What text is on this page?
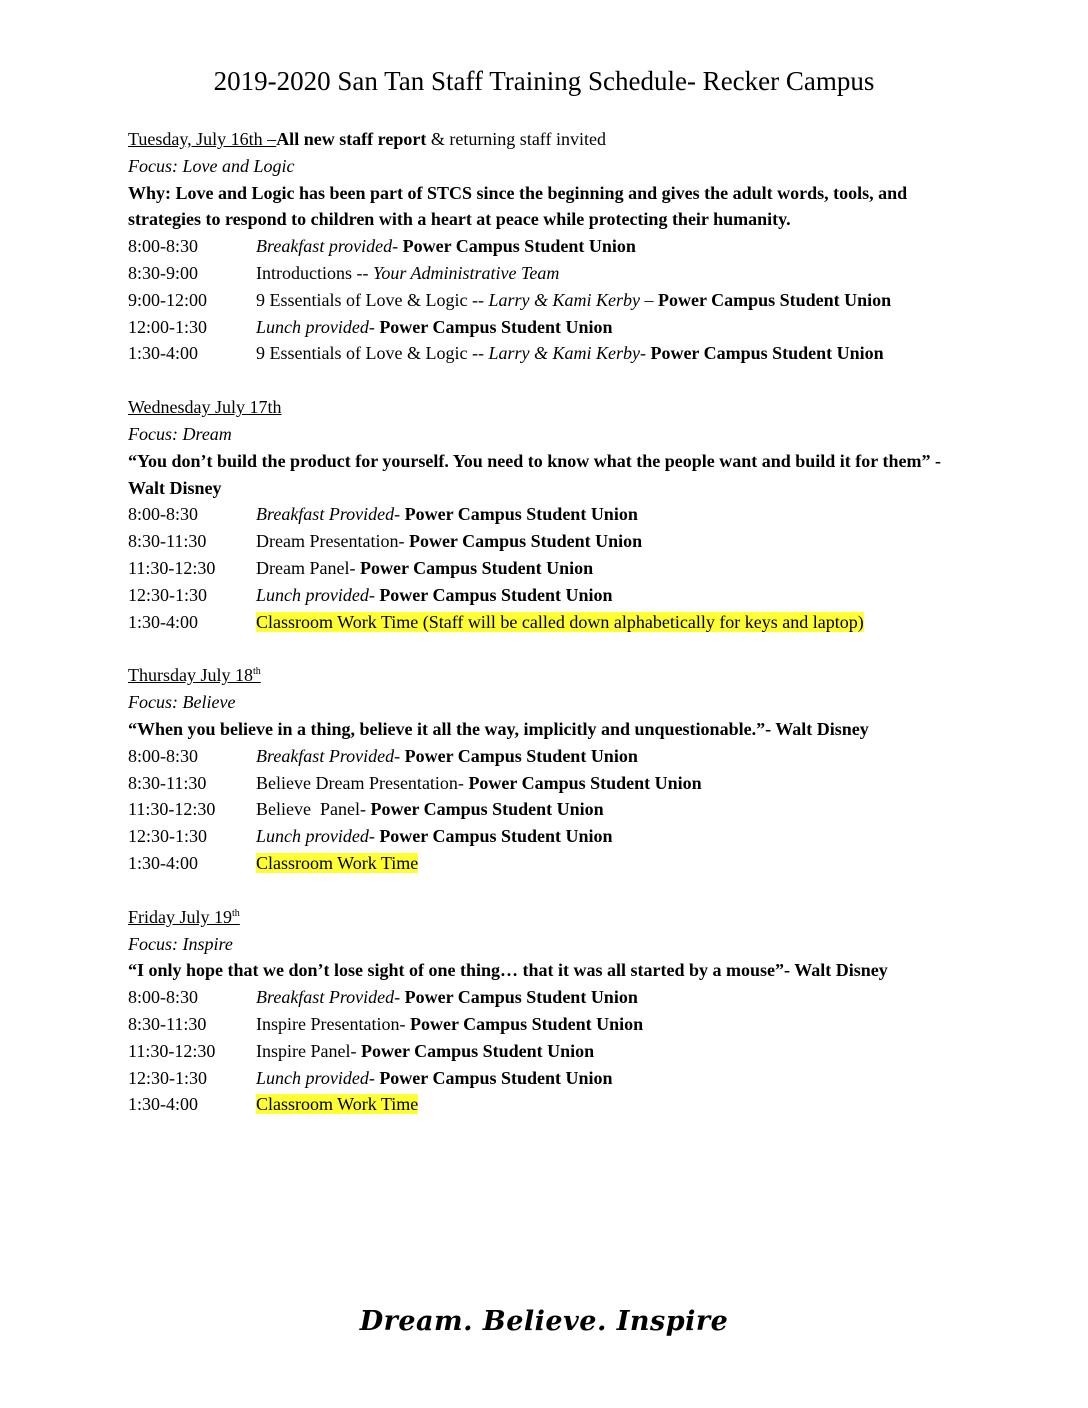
2019-2020 San Tan Staff Training Schedule- Recker Campus
Tuesday, July 16th –All new staff report & returning staff invited
Focus: Love and Logic
Why: Love and Logic has been part of STCS since the beginning and gives the adult words, tools, and strategies to respond to children with a heart at peace while protecting their humanity.
8:00-8:30	Breakfast provided- Power Campus Student Union
8:30-9:00	Introductions -- Your Administrative Team
9:00-12:00	9 Essentials of Love & Logic -- Larry & Kami Kerby – Power Campus Student Union
12:00-1:30	Lunch provided- Power Campus Student Union
1:30-4:00	9 Essentials of Love & Logic -- Larry & Kami Kerby- Power Campus Student Union
Wednesday July 17th
Focus: Dream
“You don’t build the product for yourself. You need to know what the people want and build it for them” - Walt Disney
8:00-8:30	Breakfast Provided- Power Campus Student Union
8:30-11:30	Dream Presentation- Power Campus Student Union
11:30-12:30	Dream Panel- Power Campus Student Union
12:30-1:30	Lunch provided- Power Campus Student Union
1:30-4:00	Classroom Work Time (Staff will be called down alphabetically for keys and laptop)
Thursday July 18th
Focus: Believe
“When you believe in a thing, believe it all the way, implicitly and unquestionable.”- Walt Disney
8:00-8:30	Breakfast Provided- Power Campus Student Union
8:30-11:30	Believe Dream Presentation- Power Campus Student Union
11:30-12:30	Believe  Panel- Power Campus Student Union
12:30-1:30	Lunch provided- Power Campus Student Union
1:30-4:00	Classroom Work Time
Friday July 19th
Focus: Inspire
“I only hope that we don’t lose sight of one thing… that it was all started by a mouse”- Walt Disney
8:00-8:30	Breakfast Provided- Power Campus Student Union
8:30-11:30	Inspire Presentation- Power Campus Student Union
11:30-12:30	Inspire Panel- Power Campus Student Union
12:30-1:30	Lunch provided- Power Campus Student Union
1:30-4:00	Classroom Work Time
Dream. Believe. Inspire
